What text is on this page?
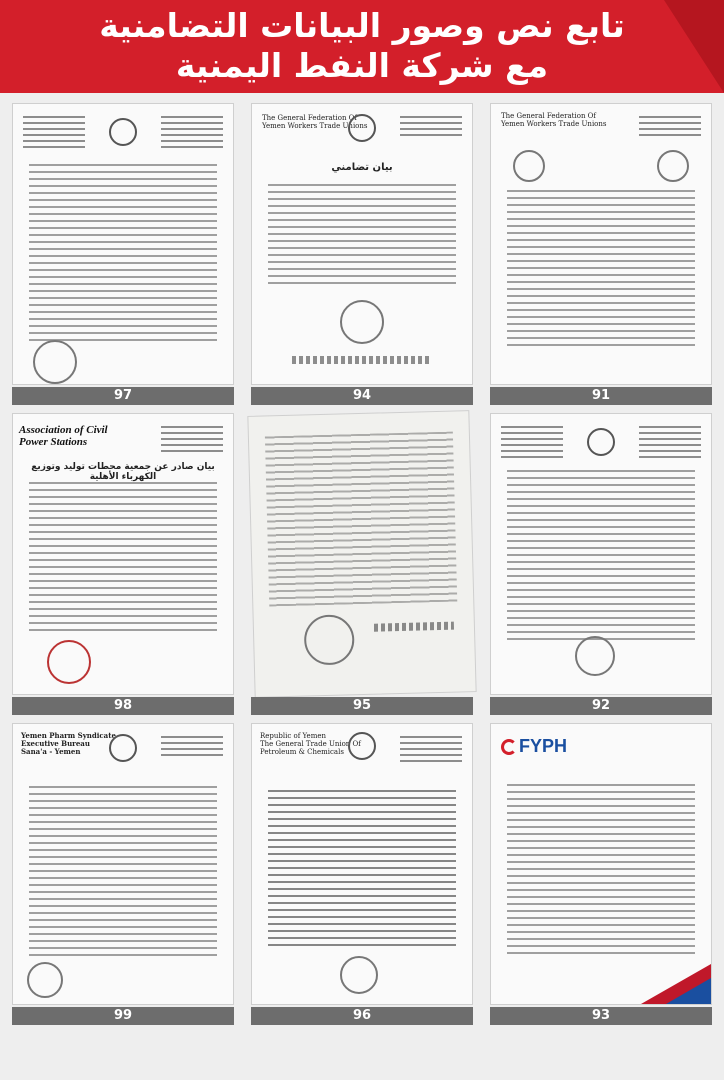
تابع نص وصور البيانات التضامنية
مع شركة النفط اليمنية
97
The General Federation Of
Yemen Workers Trade Unions
بيان تضامني
94
The General Federation Of
Yemen Workers Trade Unions
91
Association of Civil
Power Stations
بيان صادر عن جمعية محطات توليد وتوزيع الكهرباء الأهلية
98	95	92
Yemen Pharm Syndicate
Executive Bureau
Sana'a - Yemen
99
Republic of Yemen
The General Trade Union Of
Petroleum & Chemicals
96
FYPH
93
